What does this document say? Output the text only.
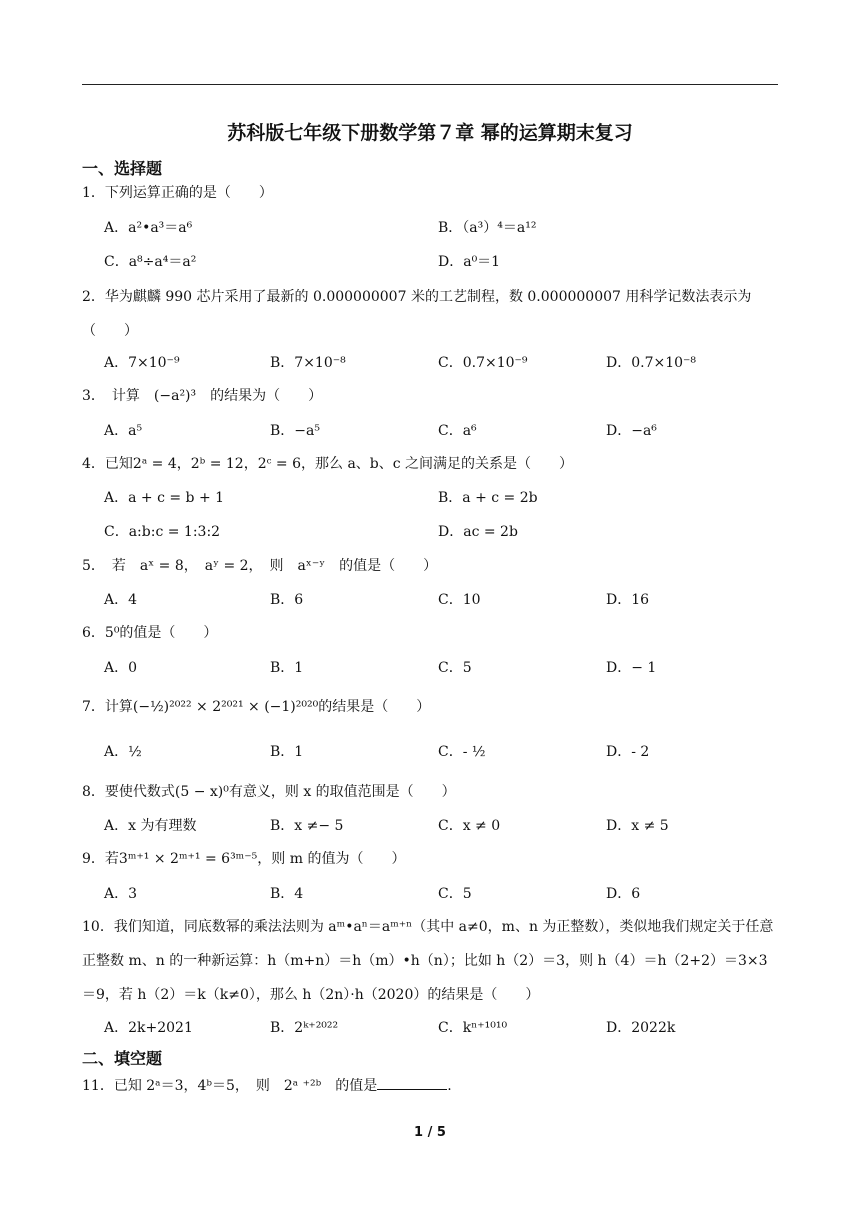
苏科版七年级下册数学第７章 幂的运算期末复习
一、选择题
1．下列运算正确的是（　　）
A．a²•a³＝a⁶	B．（a³）⁴＝a¹²
C．a⁸÷a⁴＝a²	D．a⁰＝1
2．华为麒麟 990 芯片采用了最新的 0.000000007 米的工艺制程，数 0.000000007 用科学记数法表示为（　　）
A．7×10⁻⁹	B．7×10⁻⁸	C．0.7×10⁻⁹	D．0.7×10⁻⁸
3．　计算　(−a²)³　的结果为（　　）
A．a⁵	B．−a⁵	C．a⁶	D．−a⁶
4．已知2ᵃ = 4，2ᵇ = 12，2ᶜ = 6，那么 a、b、c 之间满足的关系是（　　）
A．a + c = b + 1	B．a + c = 2b
C．a:b:c = 1:3:2	D．ac = 2b
5．　若　aˣ = 8，　aʸ = 2，　则　aˣ⁻ʸ　的值是（　　）
A．4	B．6	C．10	D．16
6．5⁰的值是（　　）
A．0	B．1	C．5	D．− 1
7．计算(−½)²⁰²² × 2²⁰²¹ × (−1)²⁰²⁰的结果是（　　）
A．½	B．1	C．- ½	D．- 2
8．要使代数式(5 − x)⁰有意义，则 x 的取值范围是（　　）
A．x 为有理数	B．x ≠− 5	C．x ≠ 0	D．x ≠ 5
9．若3ᵐ⁺¹ × 2ᵐ⁺¹ = 6³ᵐ⁻⁵，则 m 的值为（　　）
A．3	B．4	C．5	D．6
10．我们知道，同底数幂的乘法法则为 aᵐ•aⁿ＝aᵐ⁺ⁿ（其中 a≠0，m、n 为正整数），类似地我们规定关于任意正整数 m、n 的一种新运算：h（m+n）＝h（m）•h（n）；比如 h（2）＝3，则 h（4）＝h（2+2）＝3×3＝9，若 h（2）＝k（k≠0），那么 h（2n）·h（2020）的结果是（　　）
A．2k+2021	B．2ᵏ⁺²⁰²²	C．kⁿ⁺¹⁰¹⁰	D．2022k
二、填空题
11．已知 2ᵃ＝3，4ᵇ＝5，　则　2ᵃ ⁺²ᵇ　的值是	.
1 / 5
